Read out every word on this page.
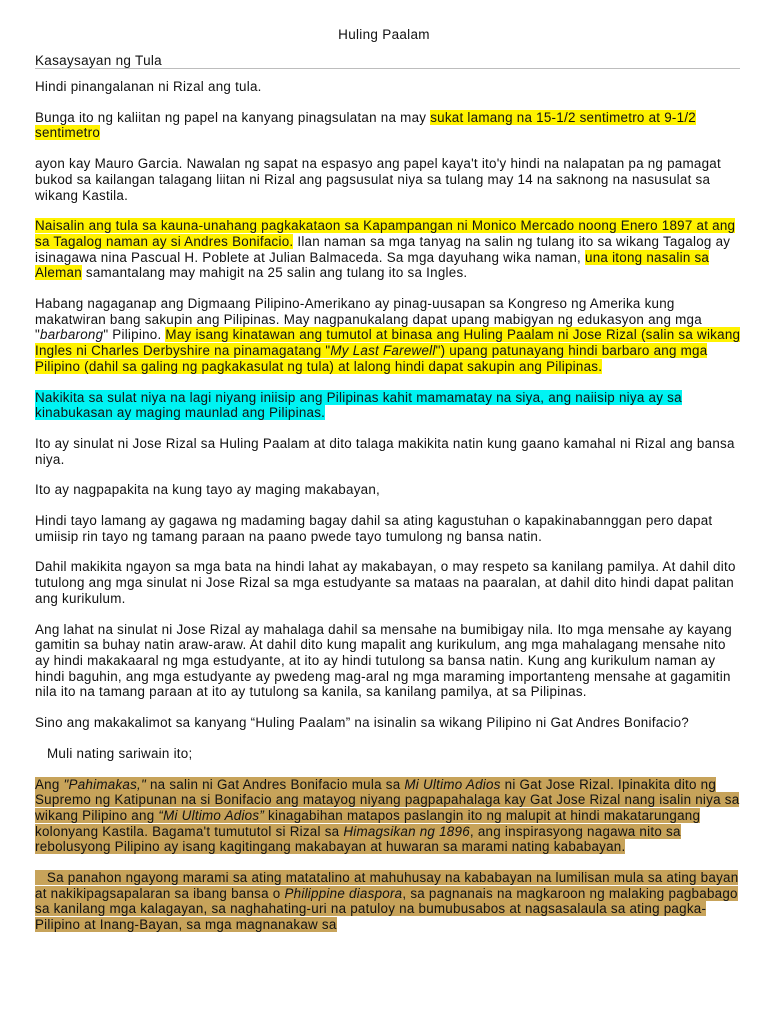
Huling Paalam
Kasaysayan ng Tula

Hindi pinangalanan ni Rizal ang tula.

Bunga ito ng kaliitan ng papel na kanyang pinagsulatan na may sukat lamang na 15-1/2 sentimetro at 9-1/2 sentimetro

ayon kay Mauro Garcia. Nawalan ng sapat na espasyo ang papel kaya't ito'y hindi na nalapatan pa ng pamagat bukod sa kailangan talagang liitan ni Rizal ang pagsusulat niya sa tulang may 14 na saknong na nasusulat sa wikang Kastila.

Naisalin ang tula sa kauna-unahang pagkakataon sa Kapampangan ni Monico Mercado noong Enero 1897 at ang sa Tagalog naman ay si Andres Bonifacio. Ilan naman sa mga tanyag na salin ng tulang ito sa wikang Tagalog ay isinagawa nina Pascual H. Poblete at Julian Balmaceda. Sa mga dayuhang wika naman, una itong nasalin sa Aleman samantalang may mahigit na 25 salin ang tulang ito sa Ingles.

Habang nagaganap ang Digmaang Pilipino-Amerikano ay pinag-uusapan sa Kongreso ng Amerika kung makatwiran bang sakupin ang Pilipinas. May nagpanukalang dapat upang mabigyan ng edukasyon ang mga "barbarong" Pilipino. May isang kinatawan ang tumutol at binasa ang Huling Paalam ni Jose Rizal (salin sa wikang Ingles ni Charles Derbyshire na pinamagatang "My Last Farewell") upang patunayang hindi barbaro ang mga Pilipino (dahil sa galing ng pagkakasulat ng tula) at lalong hindi dapat sakupin ang Pilipinas.

Nakikita sa sulat niya na lagi niyang iniisip ang Pilipinas kahit mamamatay na siya, ang naiisip niya ay sa kinabukasan ay maging maunlad ang Pilipinas.

Ito ay sinulat ni Jose Rizal sa Huling Paalam at dito talaga makikita natin kung gaano kamahal ni Rizal ang bansa niya.

Ito ay nagpapakita na kung tayo ay maging makabayan,

Hindi tayo lamang ay gagawa ng madaming bagay dahil sa ating kagustuhan o kapakinabannggan pero dapat umiisip rin tayo ng tamang paraan na paano pwede tayo tumulong ng bansa natin.

Dahil makikita ngayon sa mga bata na hindi lahat ay makabayan, o may respeto sa kanilang pamilya. At dahil dito tutulong ang mga sinulat ni Jose Rizal sa mga estudyante sa mataas na paaralan, at dahil dito hindi dapat palitan ang kurikulum.

Ang lahat na sinulat ni Jose Rizal ay mahalaga dahil sa mensahe na bumibigay nila. Ito mga mensahe ay kayang gamitin sa buhay natin araw-araw. At dahil dito kung mapalit ang kurikulum, ang mga mahalagang mensahe nito ay hindi makakaaral ng mga estudyante, at ito ay hindi tutulong sa bansa natin. Kung ang kurikulum naman ay hindi baguhin, ang mga estudyante ay pwedeng mag-aral ng mga maraming importanteng mensahe at gagamitin nila ito na tamang paraan at ito ay tutulong sa kanila, sa kanilang pamilya, at sa Pilipinas.

Sino ang makakalimot sa kanyang “Huling Paalam” na isinalin sa wikang Pilipino ni Gat Andres Bonifacio?

Muli nating sariwain ito;

Ang "Pahimakas," na salin ni Gat Andres Bonifacio mula sa Mi Ultimo Adios ni Gat Jose Rizal. Ipinakita dito ng Supremo ng Katipunan na si Bonifacio ang matayog niyang pagpapahalaga kay Gat Jose Rizal nang isalin niya sa wikang Pilipino ang “Mi Ultimo Adios” kinagabihan matapos paslangin ito ng malupit at hindi makatarungang kolonyang Kastila. Bagama't tumututol si Rizal sa Himagsikan ng 1896, ang inspirasyong nagawa nito sa rebolusyong Pilipino ay isang kagitingang makabayan at huwaran sa marami nating kababayan.

Sa panahon ngayong marami sa ating matatalino at mahuhusay na kababayan na lumilisan mula sa ating bayan at nakikipagsapalaran sa ibang bansa o Philippine diaspora, sa pagnanais na magkaroon ng malaking pagbabago sa kanilang mga kalagayan, sa naghahating-uri na patuloy na bumubusabos at nagsasalaula sa ating pagka-Pilipino at Inang-Bayan, sa mga magnanakaw sa
